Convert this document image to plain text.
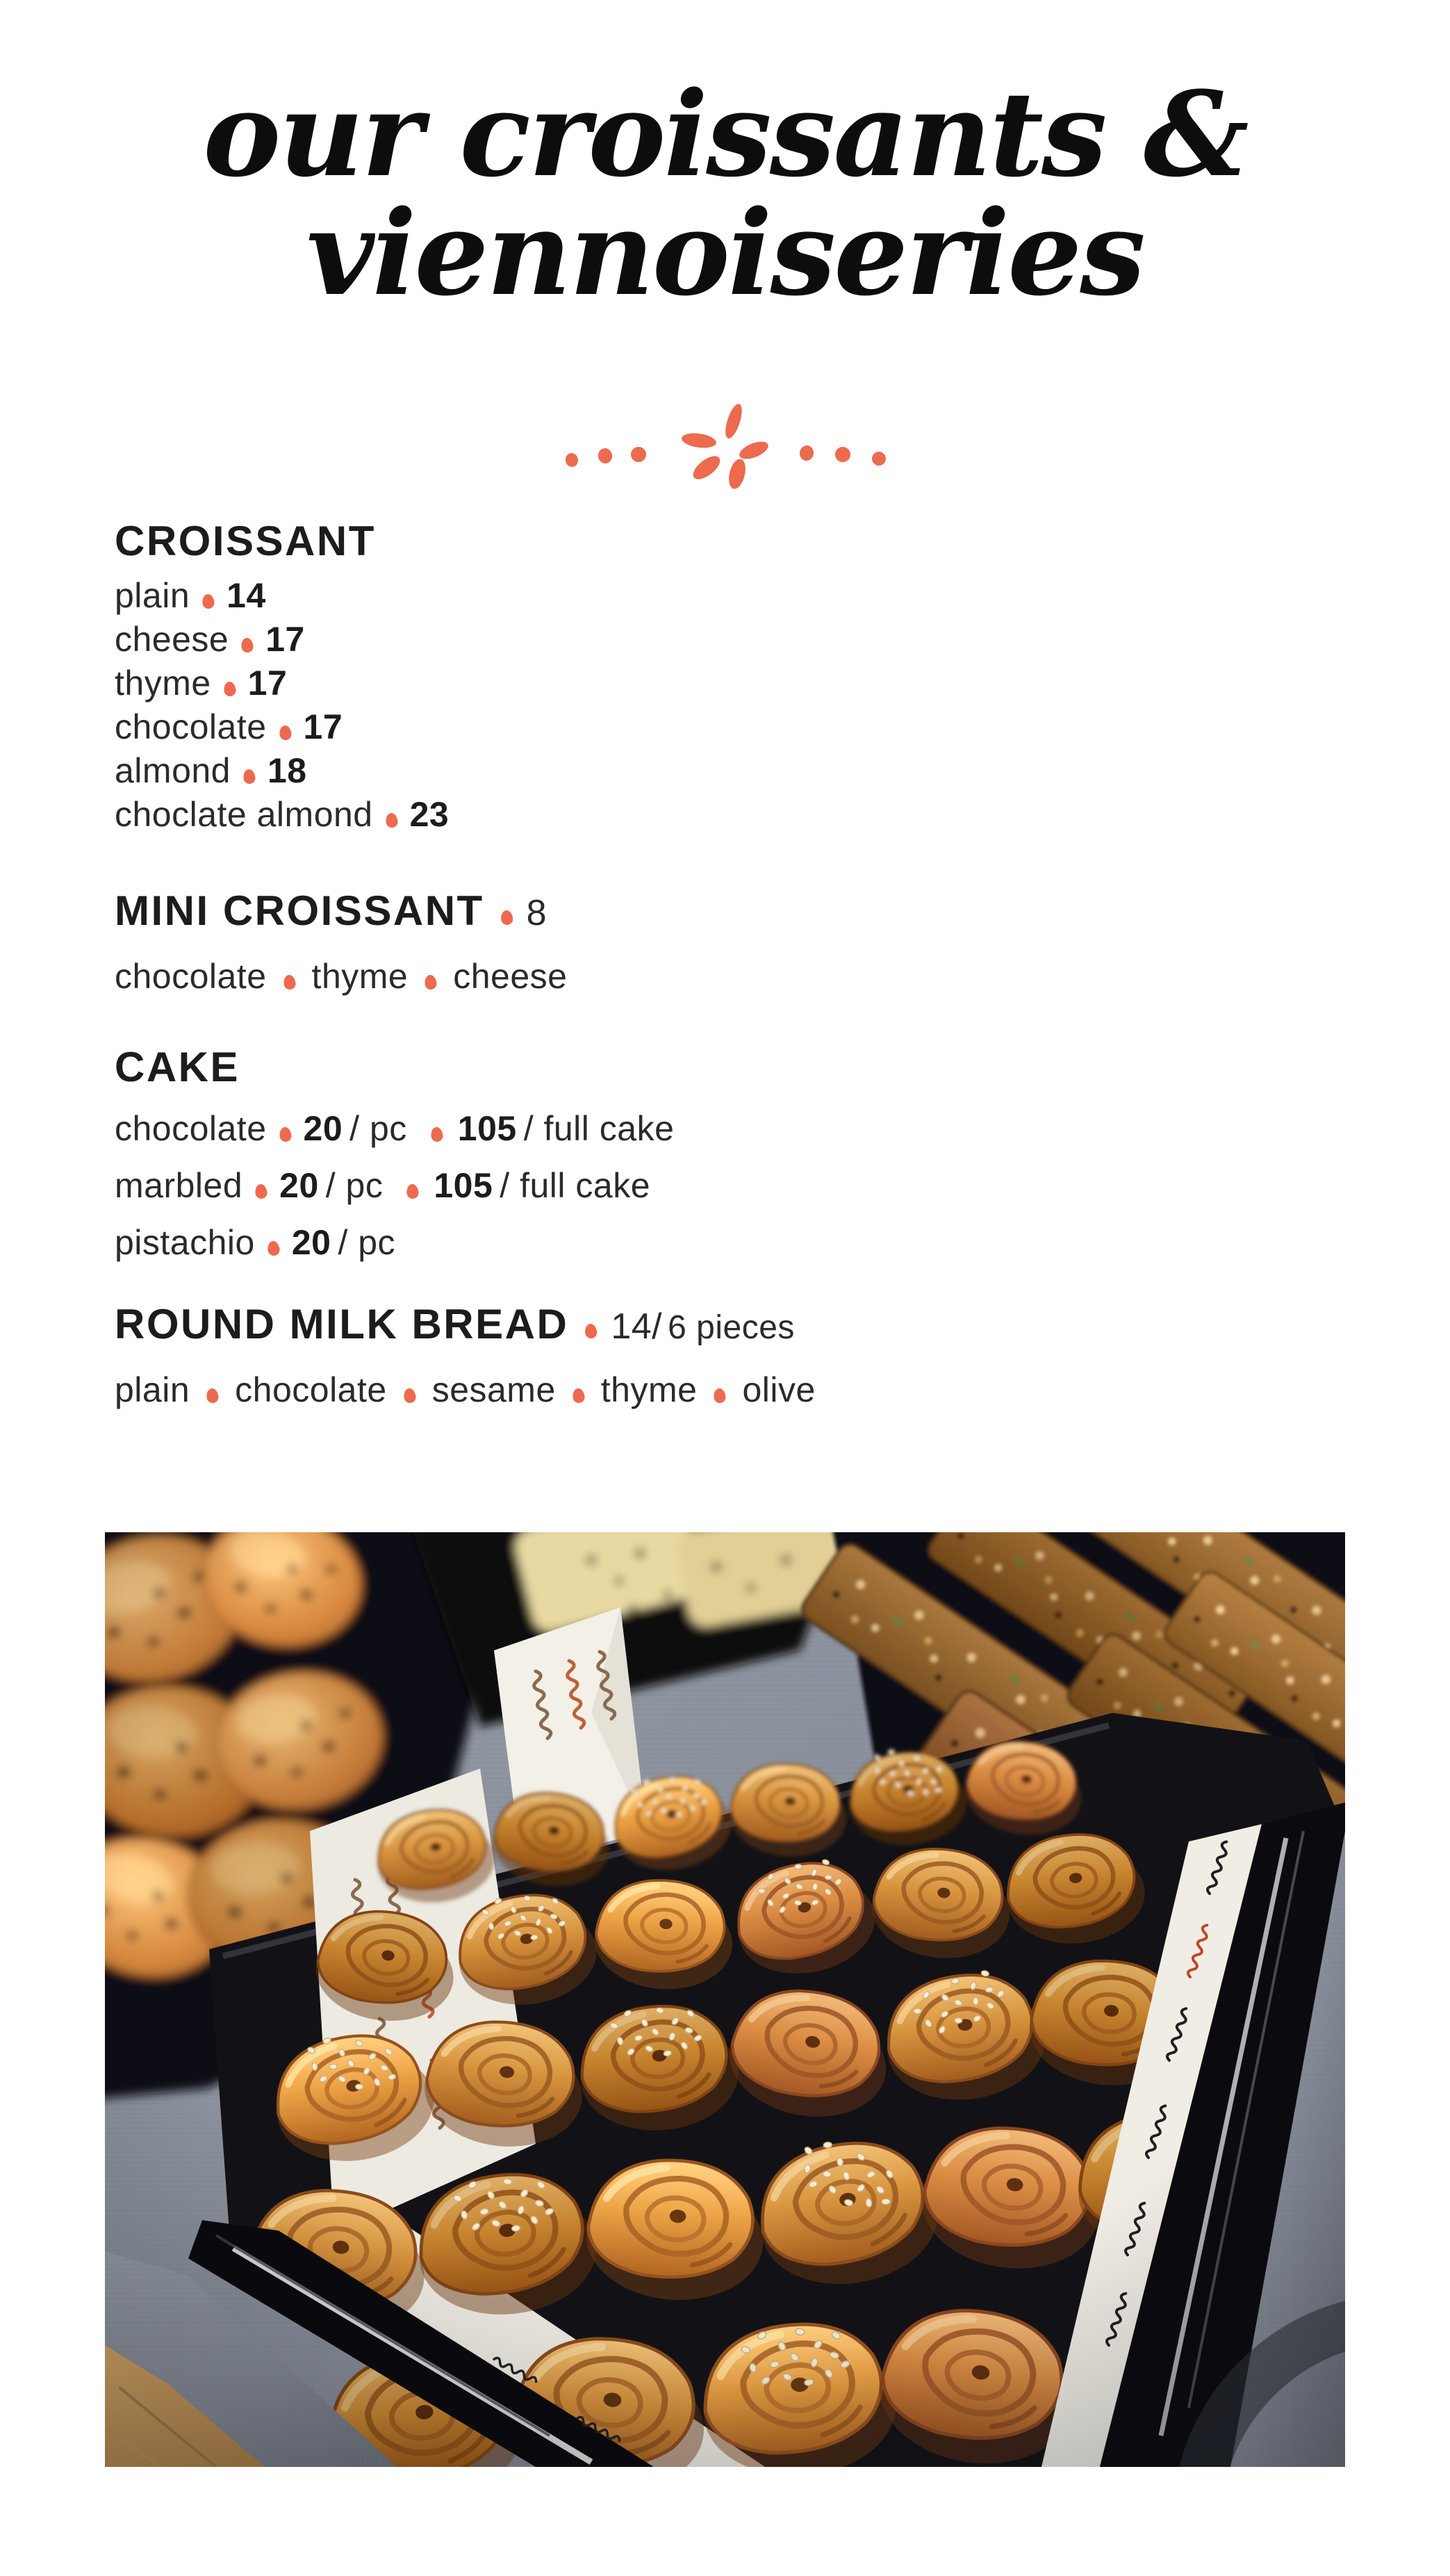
our croissants &
viennoiseries
CROISSANT
plain 14
cheese 17
thyme 17
chocolate 17
almond 18
choclate almond 23
MINI CROISSANT 8
chocolate thyme cheese
CAKE
chocolate 20 / pc 105 / full cake
marbled 20 / pc 105 / full cake
pistachio 20 / pc
ROUND MILK BREAD 14/ 6 pieces
plain chocolate sesame thyme olive
